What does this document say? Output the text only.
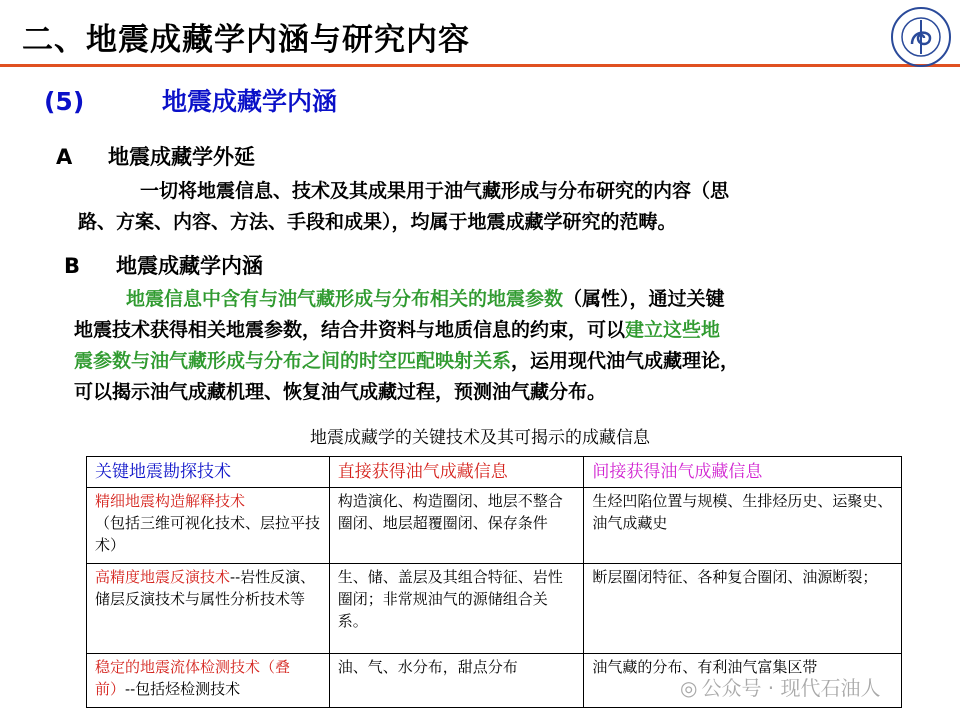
二、地震成藏学内涵与研究内容
(5)	地震成藏学内涵
A 地震成藏学外延
一切将地震信息、技术及其成果用于油气藏形成与分布研究的内容（思
路、方案、内容、方法、手段和成果），均属于地震成藏学研究的范畴。
B 地震成藏学内涵
地震信息中含有与油气藏形成与分布相关的地震参数（属性），通过关键
地震技术获得相关地震参数，结合井资料与地质信息的约束，可以建立这些地
震参数与油气藏形成与分布之间的时空匹配映射关系，运用现代油气成藏理论，
可以揭示油气成藏机理、恢复油气成藏过程，预测油气藏分布。
地震成藏学的关键技术及其可揭示的成藏信息
关键地震勘探技术	直接获得油气成藏信息	间接获得油气成藏信息
精细地震构造解释技术
（包括三维可视化技术、层拉平技术）	构造演化、构造圈闭、地层不整合圈闭、地层超覆圈闭、保存条件	生烃凹陷位置与规模、生排烃历史、运聚史、油气成藏史
高精度地震反演技术--岩性反演、储层反演技术与属性分析技术等	生、储、盖层及其组合特征、岩性圈闭；非常规油气的源储组合关系。	断层圈闭特征、各种复合圈闭、油源断裂；
稳定的地震流体检测技术（叠前）--包括烃检测技术	油、气、水分布，甜点分布	油气藏的分布、有利油气富集区带
◎ 公众号 · 现代石油人
